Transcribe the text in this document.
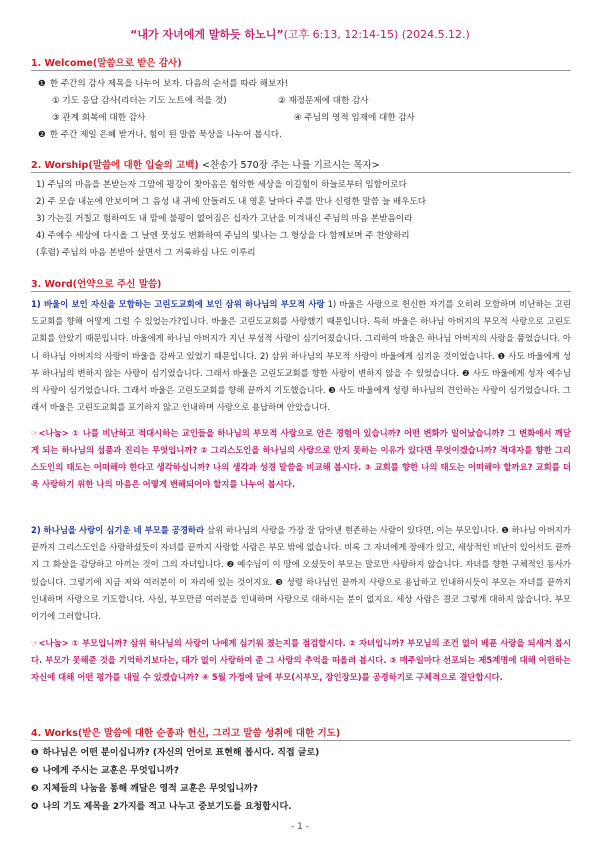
“내가 자녀에게 말하듯 하노니”(고후 6:13, 12:14-15) (2024.5.12.)
1. Welcome(말씀으로 받은 감사)
❶ 한 주간의 감사 제목을 나누어 보자. 다음의 순서를 따라 해보자!
① 기도 응답 감사(리더는 기도 노트에 적을 것)	② 재정문제에 대한 감사
③ 관계 회복에 대한 감사	④ 주님의 영적 임재에 대한 감사
❷ 한 주간 제일 은혜 받거나, 힘이 된 말씀 묵상을 나누어 봅시다.
2. Worship(말씀에 대한 입술의 고백) <찬송가 570장 주는 나를 기르시는 목자>
1) 주님의 마음을 본받는자 그맘에 평강이 찾아옴은 험악한 세상을 이길힘이 하늘로부터 임함이로다
2) 주 모습 내눈에 안보이며 그 음성 내 귀에 안들려도 내 영혼 날마다 주를 만나 신령한 말씀 늘 배우도다
3) 가는길 거칠고 험하여도 내 맘에 불평이 없어짐은 십자가 고난을 이겨내신 주님의 마음 본받음이라
4) 주예수 세상에 다시올 그 날엔 뭇성도 변화하여 주님의 빛나는 그 형상을 다 함께보며 주 찬양하리
(후렴) 주님의 마음 본받아 살면서 그 거룩하심 나도 이루리
3. Word(언약으로 주신 말씀)
1) 바울이 보인 자신을 모함하는 고린도교회에 보인 삼위 하나님의 부모적 사랑 1) 바울은 사랑으로 헌신한 자기를 오히려 모함하며 비난하는 고린도교회를 향해 어떻게 그럴 수 있었는가?입니다. 바울은 고린도교회를 사랑했기 때문입니다. 특히 바울은 하나님 아버지의 부모적 사랑으로 고린도 교회를 안았기 때문입니다. 바울에게 하나님 아버지가 지닌 부성적 사랑이 심기어졌습니다. 그리하여 바울은 하나님 아버지의 사랑을 품었습니다. 아니 하나님 아버지의 사랑이 바울을 감싸고 있었기 때문입니다. 2) 삼위 하나님의 부모적 사랑이 바울에게 심기운 것이었습니다. ❶ 사도 바울에게 성부 하나님의 변하지 않는 사랑이 심기었습니다. 그래서 바울은 고린도교회를 향한 사랑이 변하지 않을 수 있었습니다. ❷ 사도 바울에게 성자 예수님의 사랑이 심기었습니다. 그래서 바울은 고린도교회를 향해 끝까지 기도했습니다. ❸ 사도 바울에게 성령 하나님의 견인하는 사랑이 심기었습니다. 그래서 바울은 고린도교회를 포기하지 않고 인내하며 사랑으로 용납하며 안았습니다.
☞<나눔> ① 나를 비난하고 적대시하는 교인들을 하나님의 부모적 사랑으로 안은 경험이 있습니까? 어떤 변화가 일어났습니까? 그 변화에서 깨닫게 되는 하나님의 섭품과 진리는 무엇입니까? ② 그리스도인을 하나님의 사랑으로 안지 못하는 이유가 있다면 무엇이겠습니까? 적대자를 향한 그리스도인의 태도는 어떠해야 한다고 생각하십니까? 나의 생각과 성경 말씀을 비교해 봅시다. ③ 교회를 향한 나의 태도는 어떠해야 할까요? 교회를 더욱 사랑하기 위한 나의 마음은 어떻게 변해되어야 할지를 나누어 봅시다.
2) 하나님을 사랑이 심기운 네 부모를 공경하라 삼위 하나님의 사랑을 가장 잘 담아낸 현존하는 사람이 있다면, 이는 부모입니다. ❶ 하나님 아버지가 끝까지 그리스도인을 사랑하셨듯이 자녀를 끝까지 사랑할 사람은 부모 밖에 없습니다. 비록 그 자녀에게 장애가 있고, 세상적인 비난이 있어서도 끝까지 그 화살을 감당하고 아끼는 것이 그의 자녀입니다. ❷ 예수님이 이 땅에 오셨듯이 부모는 말로만 사랑하지 않습니다. 자녀를 향한 구체적인 동사가 있습니다. 그렇기에 지금 저와 여러분이 이 자리에 있는 것이지요. ❸ 성령 하나님인 끝까지 사랑으로 용납하고 인내하시듯이 부모는 자녀를 끝까지 인내하며 사랑으로 기도합니다. 사실, 부모만큼 여러분을 인내하며 사랑으로 대하시는 분이 없지요. 세상 사람은 결코 그렇게 대하지 않습니다. 부모이기에 그러합니다.
☞<나눔> ① 부모입니까? 삼위 하나님의 사랑이 나에게 심기워 졌는지를 점검합시다. ② 자녀입니까? 부모님의 조건 없이 베푼 사랑을 되새겨 봅시다. 부모가 못해준 것을 기억하기보다는, 대가 없이 사랑하여 준 그 사랑의 추억을 떠올려 봅시다. ③ 매주일마다 선포되는 제5계명에 대해 어떤하는 자신에 대해 어떤 평가를 내릴 수 있겠습니까? ④ 5월 가정에 달에 부모(시부모, 장인장모)를 공경하기로 구체적으로 결단합시다.
4. Works(받은 말씀에 대한 순종과 헌신, 그리고 말씀 성취에 대한 기도)
❶ 하나님은 어떤 분이십니까? (자신의 언어로 표현해 봅시다. 직접 글로)
❷ 나에게 주시는 교훈은 무엇입니까?
❸ 지체들의 나눔을 통해 깨달은 영적 교훈은 무엇입니까?
❹ 나의 기도 제목을 2가지를 적고 나누고 중보기도를 요청합시다.
- 1 -
